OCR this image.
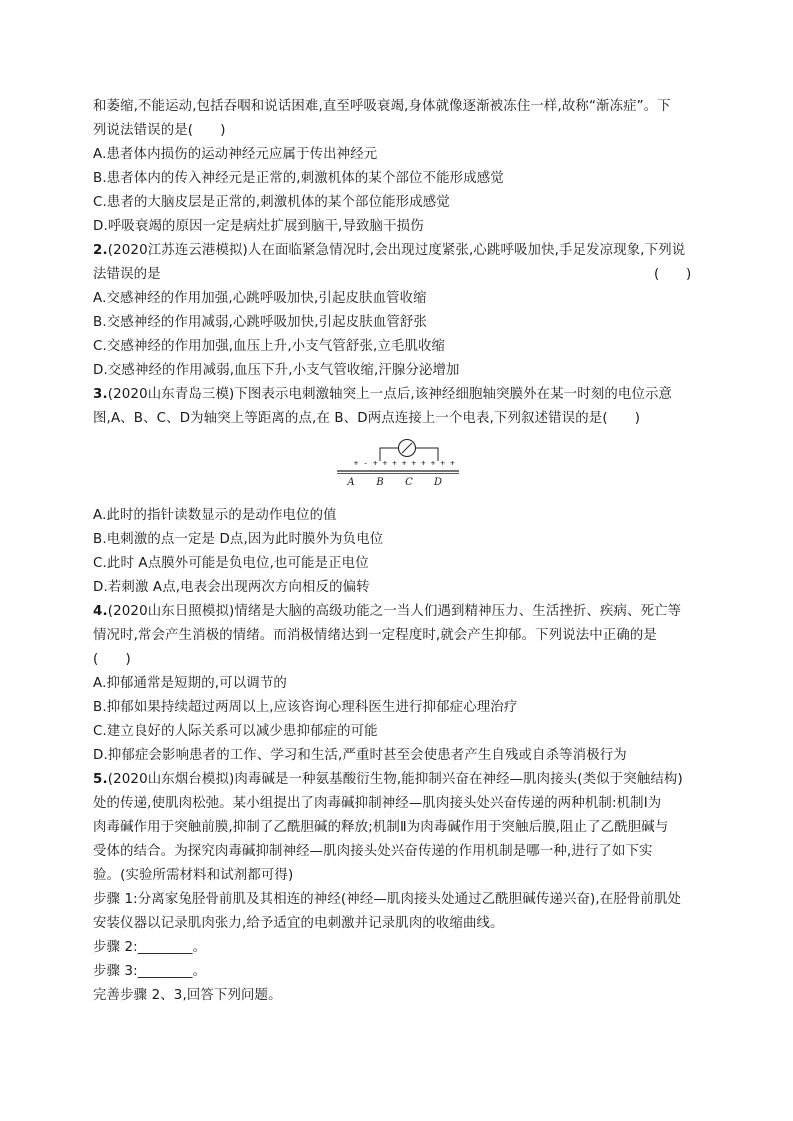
和萎缩,不能运动,包括吞咽和说话困难,直至呼吸衰竭,身体就像逐渐被冻住一样,故称“渐冻症”。下
列说法错误的是(　　)
A.患者体内损伤的运动神经元应属于传出神经元
B.患者体内的传入神经元是正常的,刺激机体的某个部位不能形成感觉
C.患者的大脑皮层是正常的,刺激机体的某个部位能形成感觉
D.呼吸衰竭的原因一定是病灶扩展到脑干,导致脑干损伤
2.(2020江苏连云港模拟)人在面临紧急情况时,会出现过度紧张,心跳呼吸加快,手足发凉现象,下列说
法错误的是	(　　)
A.交感神经的作用加强,心跳呼吸加快,引起皮肤血管收缩
B.交感神经的作用减弱,心跳呼吸加快,引起皮肤血管舒张
C.交感神经的作用加强,血压上升,小支气管舒张,立毛肌收缩
D.交感神经的作用减弱,血压下升,小支气管收缩,汗腺分泌增加
3.(2020山东青岛三模)下图表示电刺激轴突上一点后,该神经细胞轴突膜外在某一时刻的电位示意
图,A、B、C、D为轴突上等距离的点,在 B、D两点连接上一个电表,下列叙述错误的是(　　)
+ - + + + + + + + + + -
A B C D
A.此时的指针读数显示的是动作电位的值
B.电刺激的点一定是 D点,因为此时膜外为负电位
C.此时 A点膜外可能是负电位,也可能是正电位
D.若刺激 A点,电表会出现两次方向相反的偏转
4.(2020山东日照模拟)情绪是大脑的高级功能之一当人们遇到精神压力、生活挫折、疾病、死亡等
情况时,常会产生消极的情绪。而消极情绪达到一定程度时,就会产生抑郁。下列说法中正确的是
(　　)
A.抑郁通常是短期的,可以调节的
B.抑郁如果持续超过两周以上,应该咨询心理科医生进行抑郁症心理治疗
C.建立良好的人际关系可以减少患抑郁症的可能
D.抑郁症会影响患者的工作、学习和生活,严重时甚至会使患者产生自残或自杀等消极行为
5.(2020山东烟台模拟)肉毒碱是一种氨基酸衍生物,能抑制兴奋在神经—肌肉接头(类似于突触结构)
处的传递,使肌肉松弛。某小组提出了肉毒碱抑制神经—肌肉接头处兴奋传递的两种机制:机制Ⅰ为
肉毒碱作用于突触前膜,抑制了乙酰胆碱的释放;机制Ⅱ为肉毒碱作用于突触后膜,阻止了乙酰胆碱与
受体的结合。为探究肉毒碱抑制神经—肌肉接头处兴奋传递的作用机制是哪一种,进行了如下实
验。(实验所需材料和试剂都可得)
步骤 1:分离家兔胫骨前肌及其相连的神经(神经—肌肉接头处通过乙酰胆碱传递兴奋),在胫骨前肌处
安装仪器以记录肌肉张力,给予适宜的电刺激并记录肌肉的收缩曲线。
步骤 2:________。
步骤 3:________。
完善步骤 2、3,回答下列问题。
